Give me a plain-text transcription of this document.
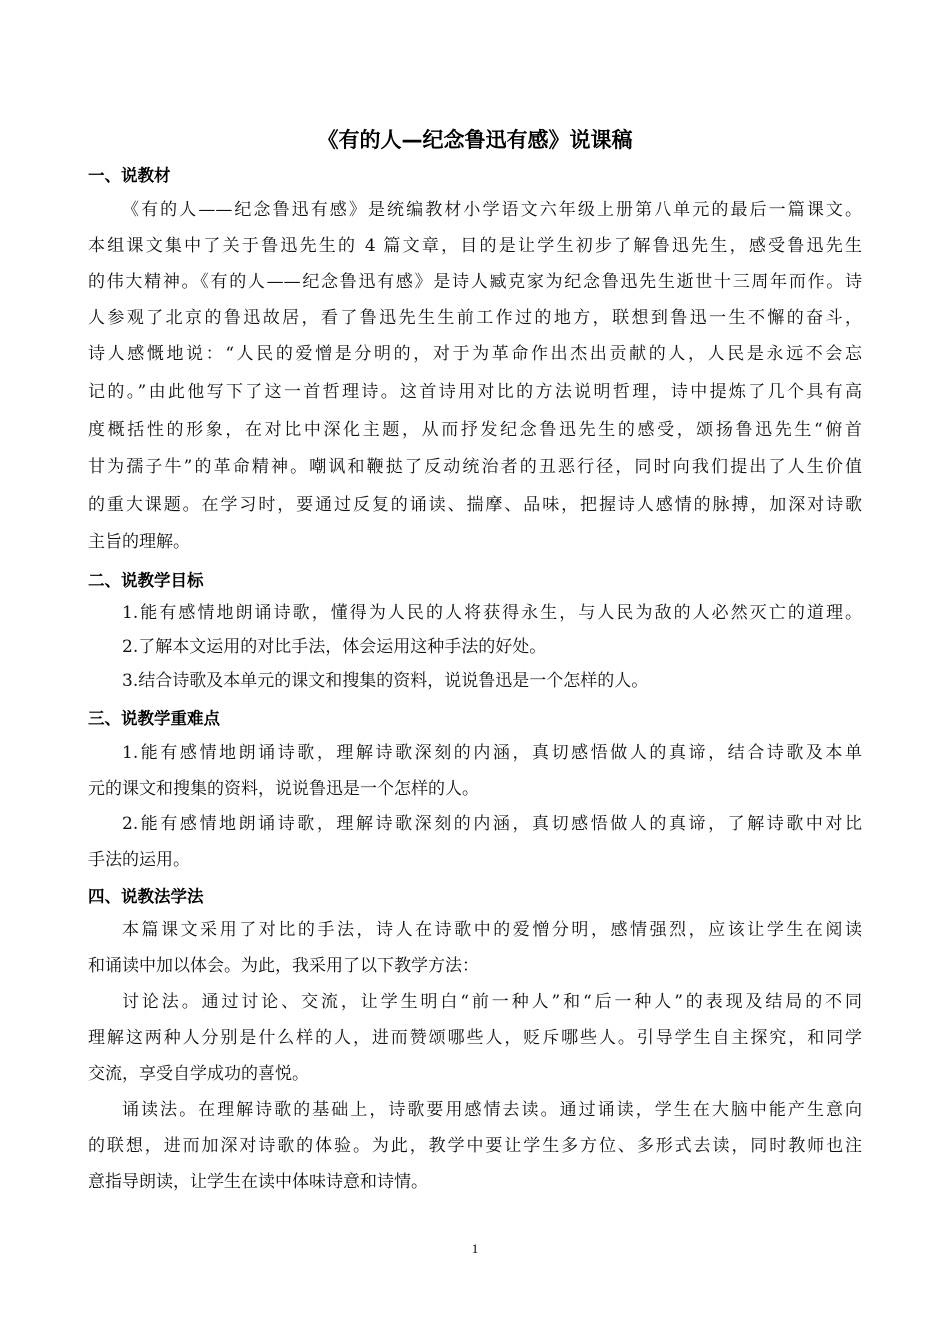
《有的人—纪念鲁迅有感》说课稿
一、说教材
《有的人——纪念鲁迅有感》是统编教材小学语文六年级上册第八单元的最后一篇课文。
本组课文集中了关于鲁迅先生的 4 篇文章，目的是让学生初步了解鲁迅先生，感受鲁迅先生
的伟大精神。《有的人——纪念鲁迅有感》是诗人臧克家为纪念鲁迅先生逝世十三周年而作。诗
人参观了北京的鲁迅故居，看了鲁迅先生生前工作过的地方，联想到鲁迅一生不懈的奋斗，
诗人感慨地说：“人民的爱憎是分明的，对于为革命作出杰出贡献的人，人民是永远不会忘
记的。”由此他写下了这一首哲理诗。这首诗用对比的方法说明哲理，诗中提炼了几个具有高
度概括性的形象，在对比中深化主题，从而抒发纪念鲁迅先生的感受，颂扬鲁迅先生“俯首
甘为孺子牛”的革命精神。嘲讽和鞭挞了反动统治者的丑恶行径，同时向我们提出了人生价值
的重大课题。在学习时，要通过反复的诵读、揣摩、品味，把握诗人感情的脉搏，加深对诗歌
主旨的理解。
二、说教学目标
1.能有感情地朗诵诗歌，懂得为人民的人将获得永生，与人民为敌的人必然灭亡的道理。
2.了解本文运用的对比手法，体会运用这种手法的好处。
3.结合诗歌及本单元的课文和搜集的资料，说说鲁迅是一个怎样的人。
三、说教学重难点
1.能有感情地朗诵诗歌，理解诗歌深刻的内涵，真切感悟做人的真谛，结合诗歌及本单
元的课文和搜集的资料，说说鲁迅是一个怎样的人。
2.能有感情地朗诵诗歌，理解诗歌深刻的内涵，真切感悟做人的真谛，了解诗歌中对比
手法的运用。
四、说教法学法
本篇课文采用了对比的手法，诗人在诗歌中的爱憎分明，感情强烈，应该让学生在阅读
和诵读中加以体会。为此，我采用了以下教学方法：
讨论法。通过讨论、交流，让学生明白“前一种人”和“后一种人”的表现及结局的不同
理解这两种人分别是什么样的人，进而赞颂哪些人，贬斥哪些人。引导学生自主探究，和同学
交流，享受自学成功的喜悦。
诵读法。在理解诗歌的基础上，诗歌要用感情去读。通过诵读，学生在大脑中能产生意向
的联想，进而加深对诗歌的体验。为此，教学中要让学生多方位、多形式去读，同时教师也注
意指导朗读，让学生在读中体味诗意和诗情。
1
